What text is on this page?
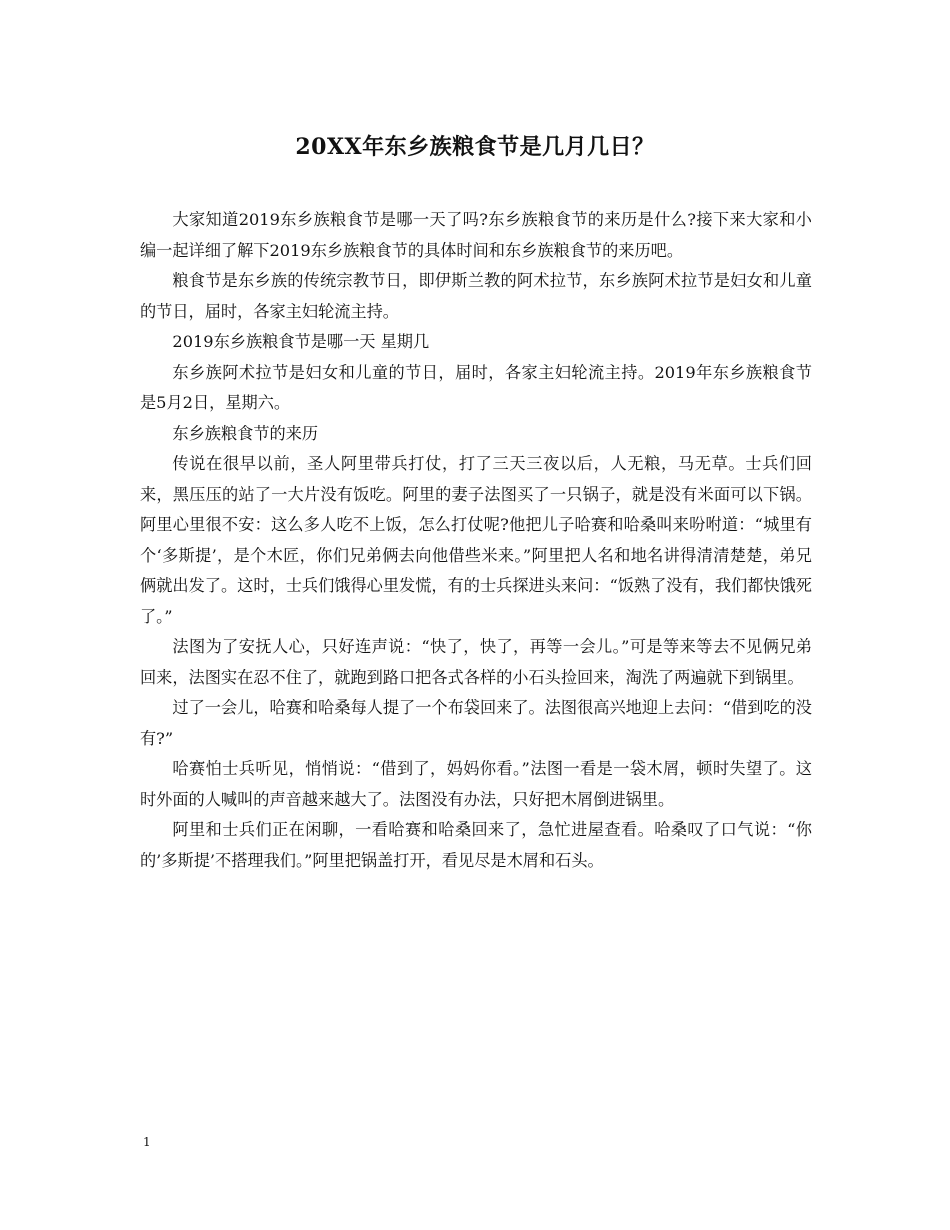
20XX年东乡族粮食节是几月几日？

大家知道2019东乡族粮食节是哪一天了吗?东乡族粮食节的来历是什么?接下来大家和小编一起详细了解下2019东乡族粮食节的具体时间和东乡族粮食节的来历吧。

粮食节是东乡族的传统宗教节日，即伊斯兰教的阿术拉节，东乡族阿术拉节是妇女和儿童的节日，届时，各家主妇轮流主持。

2019东乡族粮食节是哪一天 星期几

东乡族阿术拉节是妇女和儿童的节日，届时，各家主妇轮流主持。2019年东乡族粮食节是5月2日，星期六。

东乡族粮食节的来历

传说在很早以前，圣人阿里带兵打仗，打了三天三夜以后，人无粮，马无草。士兵们回来，黑压压的站了一大片没有饭吃。阿里的妻子法图买了一只锅子，就是没有米面可以下锅。阿里心里很不安：这么多人吃不上饭，怎么打仗呢?他把儿子哈赛和哈桑叫来吩咐道：“城里有个‘多斯提’，是个木匠，你们兄弟俩去向他借些米来。”阿里把人名和地名讲得清清楚楚，弟兄俩就出发了。这时，士兵们饿得心里发慌，有的士兵探进头来问：“饭熟了没有，我们都快饿死了。”

法图为了安抚人心，只好连声说：“快了，快了，再等一会儿。”可是等来等去不见俩兄弟回来，法图实在忍不住了，就跑到路口把各式各样的小石头捡回来，淘洗了两遍就下到锅里。

过了一会儿，哈赛和哈桑每人提了一个布袋回来了。法图很高兴地迎上去问：“借到吃的没有?”

哈赛怕士兵听见，悄悄说：“借到了，妈妈你看。”法图一看是一袋木屑，顿时失望了。这时外面的人喊叫的声音越来越大了。法图没有办法，只好把木屑倒进锅里。

阿里和士兵们正在闲聊，一看哈赛和哈桑回来了，急忙进屋查看。哈桑叹了口气说：“你的’多斯提’不搭理我们。”阿里把锅盖打开，看见尽是木屑和石头。

1
